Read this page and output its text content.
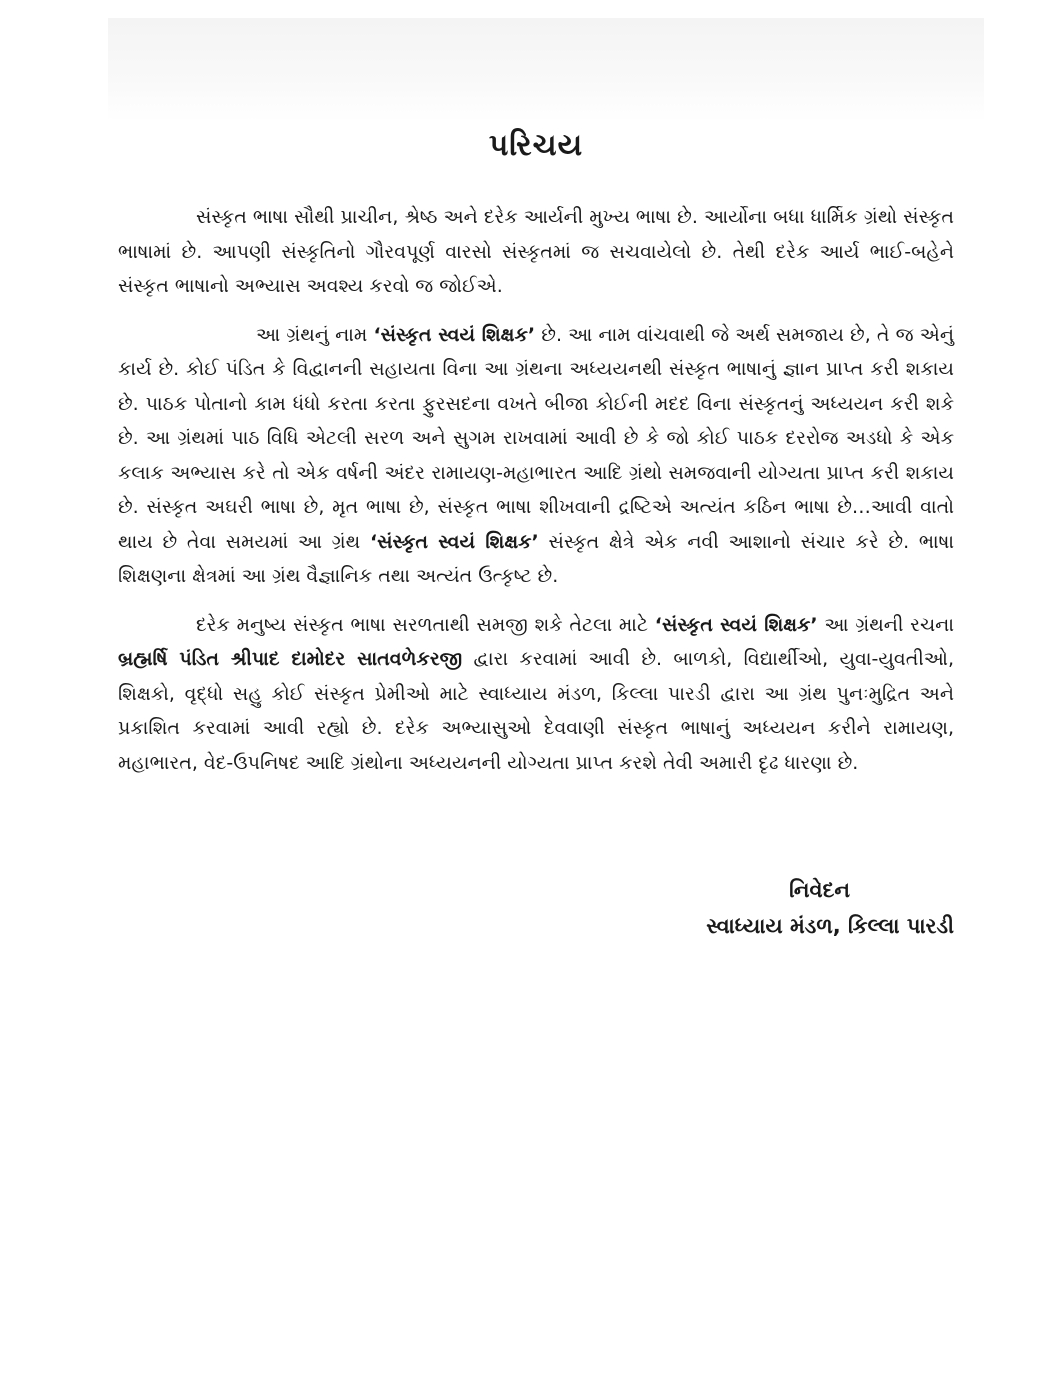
પરિચય

સંસ્કૃત ભાષા સૌથી પ્રાચીન, શ્રેષ્ઠ અને દરેક આર્યની મુખ્ય ભાષા છે. આર્યોના બધા ધાર્મિક ગ્રંથો સંસ્કૃત ભાષામાં છે. આપણી સંસ્કૃતિનો ગૌરવપૂર્ણ વારસો સંસ્કૃતમાં જ સચવાયેલો છે. તેથી દરેક આર્ય ભાઈ-બહેને સંસ્કૃત ભાષાનો અભ્યાસ અવશ્ય કરવો જ જોઈએ.

આ ગ્રંથનું નામ ‘સંસ્કૃત સ્વયં શિક્ષક’ છે. આ નામ વાંચવાથી જે અર્થ સમજાય છે, તે જ એનું કાર્ય છે. કોઈ પંડિત કે વિદ્વાનની સહાયતા વિના આ ગ્રંથના અધ્યયનથી સંસ્કૃત ભાષાનું જ્ઞાન પ્રાપ્ત કરી શકાય છે. પાઠક પોતાનો કામ ધંધો કરતા કરતા ફુરસદના વખતે બીજા કોઈની મદદ વિના સંસ્કૃતનું અધ્યયન કરી શકે છે. આ ગ્રંથમાં પાઠ વિધિ એટલી સરળ અને સુગમ રાખવામાં આવી છે કે જો કોઈ પાઠક દરરોજ અડધો કે એક કલાક અભ્યાસ કરે તો એક વર્ષની અંદર રામાયણ-મહાભારત આદિ ગ્રંથો સમજવાની યોગ્યતા પ્રાપ્ત કરી શકાય છે. સંસ્કૃત અઘરી ભાષા છે, મૃત ભાષા છે, સંસ્કૃત ભાષા શીખવાની દ્રષ્ટિએ અત્યંત કઠિન ભાષા છે…આવી વાતો થાય છે તેવા સમયમાં આ ગ્રંથ ‘સંસ્કૃત સ્વયં શિક્ષક’ સંસ્કૃત ક્ષેત્રે એક નવી આશાનો સંચાર કરે છે. ભાષા શિક્ષણના ક્ષેત્રમાં આ ગ્રંથ વૈજ્ઞાનિક તથા અત્યંત ઉત્કૃષ્ટ છે.

દરેક મનુષ્ય સંસ્કૃત ભાષા સરળતાથી સમજી શકે તેટલા માટે ‘સંસ્કૃત સ્વયં શિક્ષક’ આ ગ્રંથની રચના બ્રહ્મર્ષિ પંડિત શ્રીપાદ દામોદર સાતવળેકરજી દ્વારા કરવામાં આવી છે. બાળકો, વિદ્યાર્થીઓ, યુવા-યુવતીઓ, શિક્ષકો, વૃદ્ધો સહુ કોઈ સંસ્કૃત પ્રેમીઓ માટે સ્વાધ્યાય મંડળ, કિલ્લા પારડી દ્વારા આ ગ્રંથ પુનઃમુદ્રિત અને પ્રકાશિત કરવામાં આવી રહ્યો છે. દરેક અભ્યાસુઓ દેવવાણી સંસ્કૃત ભાષાનું અધ્યયન કરીને રામાયણ, મહાભારત, વેદ-ઉપનિષદ આદિ ગ્રંથોના અધ્યયનની યોગ્યતા પ્રાપ્ત કરશે તેવી અમારી દૃઢ ધારણા છે.

નિવેદન
સ્વાધ્યાય મંડળ, કિલ્લા પારડી
